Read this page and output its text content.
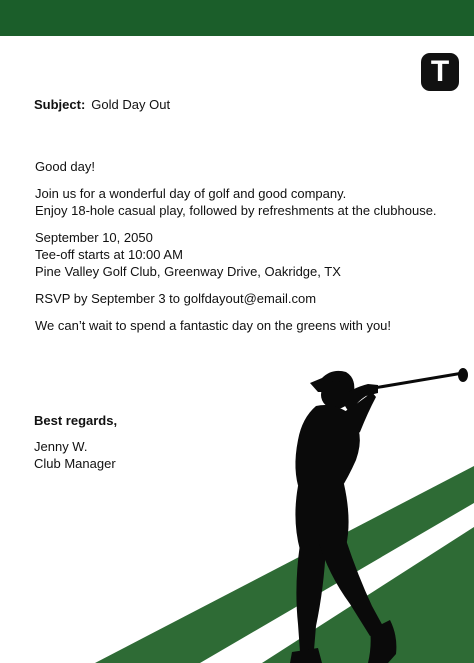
T
Subject: Gold Day Out

Good day!

Join us for a wonderful day of golf and good company.
Enjoy 18-hole casual play, followed by refreshments at the clubhouse.

September 10, 2050
Tee-off starts at 10:00 AM
Pine Valley Golf Club, Greenway Drive, Oakridge, TX

RSVP by September 3 to golfdayout@email.com

We can’t wait to spend a fantastic day on the greens with you!

Best regards,
Jenny W.
Club Manager
